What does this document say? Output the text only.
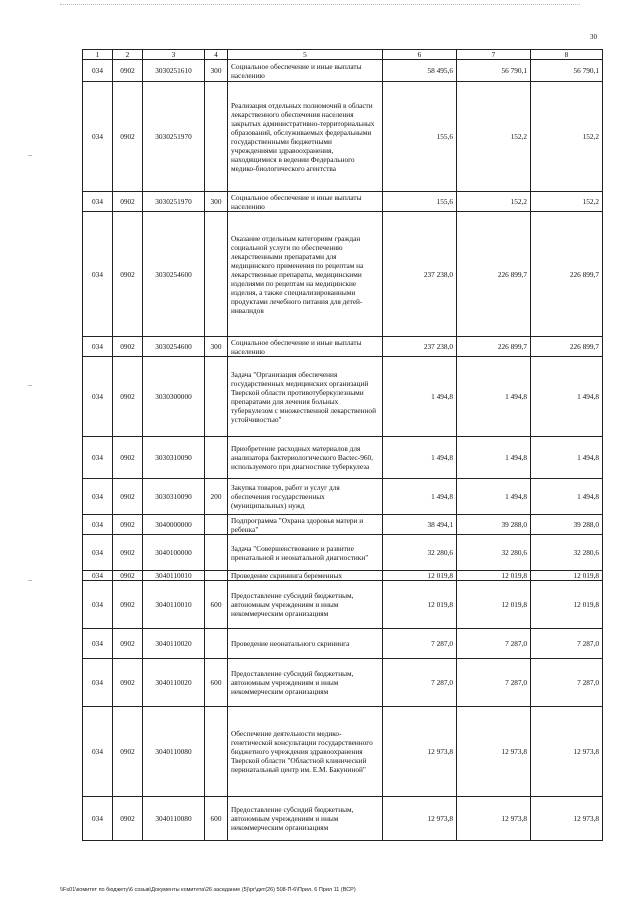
30
–
–
–
1	2	3	4	5	6	7	8
034	0902	3030251610	300	Социальное обеспечение и иные выплаты населению	58 495,6	56 790,1	56 790,1
034	0902	3030251970		Реализация отдельных полномочий в области лекарственного обеспечения населения закрытых административно-территориальных образований, обслуживаемых федеральными государственными бюджетными учреждениями здравоохранения, находящимися в ведении Федерального медико-биологического агентства	155,6	152,2	152,2
034	0902	3030251970	300	Социальное обеспечение и иные выплаты населению	155,6	152,2	152,2
034	0902	3030254600		Оказание отдельным категориям граждан социальной услуги по обеспечению лекарственными препаратами для медицинского применения по рецептам на лекарственные препараты, медицинскими изделиями по рецептам на медицинские изделия, а также специализированными продуктами лечебного питания для детей-инвалидов	237 238,0	226 899,7	226 899,7
034	0902	3030254600	300	Социальное обеспечение и иные выплаты населению	237 238,0	226 899,7	226 899,7
034	0902	3030300000		Задача "Организация обеспечения государственных медицинских организаций Тверской области противотуберкулезными препаратами для лечения больных туберкулезом с множественной лекарственной устойчивостью"	1 494,8	1 494,8	1 494,8
034	0902	3030310090		Приобретение расходных материалов для анализатора бактериологического Bactec-960, используемого при диагностике туберкулеза	1 494,8	1 494,8	1 494,8
034	0902	3030310090	200	Закупка товаров, работ и услуг для обеспечения государственных (муниципальных) нужд	1 494,8	1 494,8	1 494,8
034	0902	3040000000		Подпрограмма "Охрана здоровья матери и ребенка"	38 494,1	39 288,0	39 288,0
034	0902	3040100000		Задача "Совершенствование и развитие пренатальной и неонатальной диагностики"	32 280,6	32 280,6	32 280,6
034	0902	3040110010		Проведение скрининга беременных	12 019,8	12 019,8	12 019,8
034	0902	3040110010	600	Предоставление субсидий бюджетным, автономным учреждениям и иным некоммерческим организациям	12 019,8	12 019,8	12 019,8
034	0902	3040110020		Проведение неонатального скрининга	7 287,0	7 287,0	7 287,0
034	0902	3040110020	600	Предоставление субсидий бюджетным, автономным учреждениям и иным некоммерческим организациям	7 287,0	7 287,0	7 287,0
034	0902	3040110080		Обеспечение деятельности медико-генетической консультации государственного бюджетного учреждения здравоохранения Тверской области "Областной клинический перинатальный центр им. Е.М. Бакуниной"	12 973,8	12 973,8	12 973,8
034	0902	3040110080	600	Предоставление субсидий бюджетным, автономным учреждениям и иным некоммерческим организациям	12 973,8	12 973,8	12 973,8
\\Fs01\комитет по бюджету\6 созыв\Документы комитета\26 заседание (5)\рг\дет(26) 508-П-6\Прил. 6 Прил 11 (ВСР)
